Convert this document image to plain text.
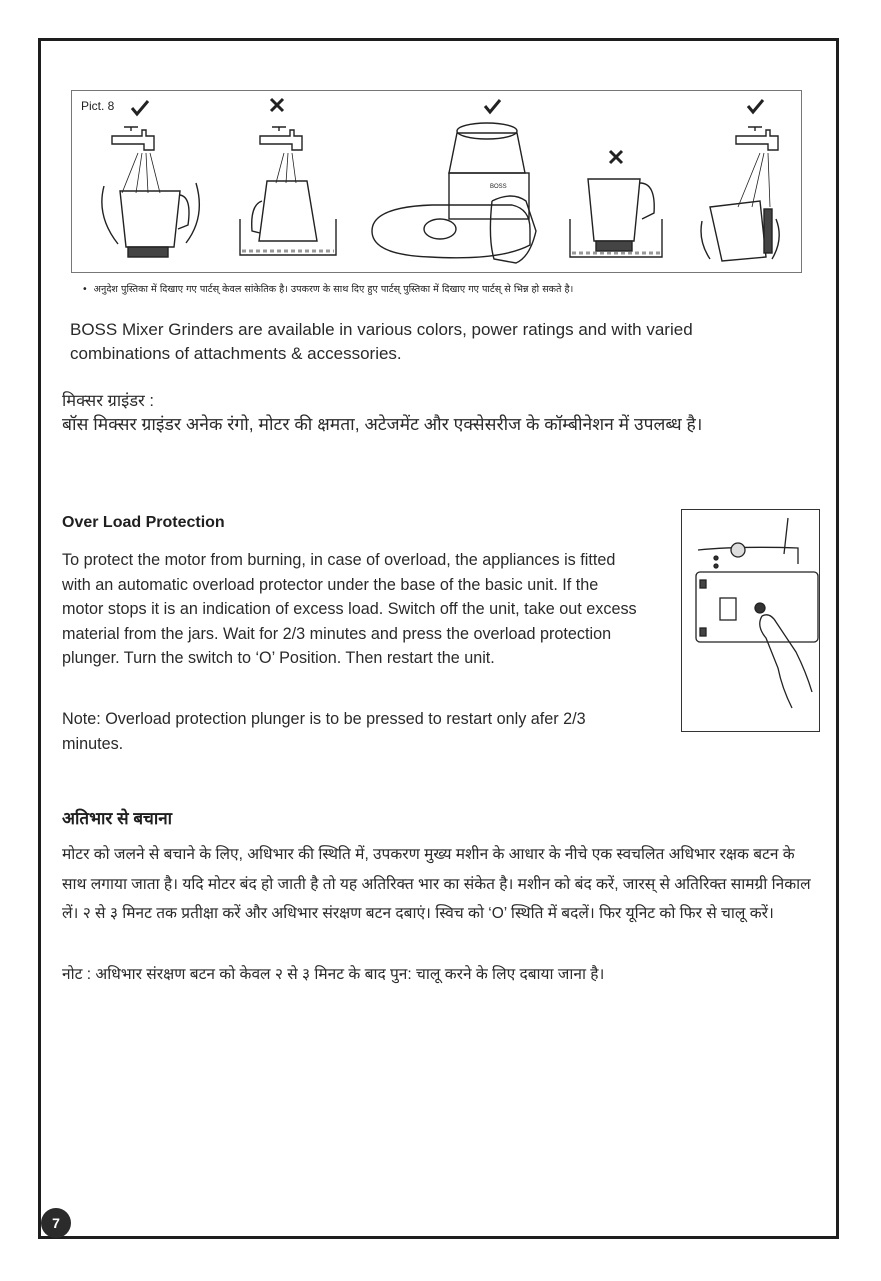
Pict. 8
BOSS
• अनुदेश पुस्तिका में दिखाए गए पार्टस् केवल सांकेतिक है। उपकरण के साथ दिए हुए पार्टस् पुस्तिका में दिखाए गए पार्टस् से भिन्न हो सकते है।
BOSS Mixer Grinders are available in various colors, power ratings and with varied combinations of attachments & accessories.
मिक्सर ग्राइंडर :
बॉस मिक्सर ग्राइंडर अनेक रंगो, मोटर की क्षमता, अटेजमेंट और एक्सेसरीज के कॉम्बीनेशन में उपलब्ध है।
Over Load Protection
To protect the motor from burning, in case of overload, the appliances is fitted with an automatic overload protector under the base of the basic unit. If the motor stops it is an indication of excess load. Switch off the unit, take out excess material from the jars. Wait for 2/3 minutes and press the overload protection plunger. Turn the switch to ‘O’ Position. Then restart the unit.
Note: Overload protection plunger is to be pressed to restart only afer 2/3 minutes.
अतिभार से बचाना
मोटर को जलने से बचाने के लिए, अधिभार की स्थिति में, उपकरण मुख्य मशीन के आधार के नीचे एक स्वचलित अधिभार रक्षक बटन के साथ लगाया जाता है। यदि मोटर बंद हो जाती है तो यह अतिरिक्त भार का संकेत है। मशीन को बंद करें, जारस् से अतिरिक्त सामग्री निकाल लें। २ से ३ मिनट तक प्रतीक्षा करें और अधिभार संरक्षण बटन दबाएं। स्विच को ‘O’ स्थिति में बदलें। फिर यूनिट को फिर से चालू करें।
नोट : अधिभार संरक्षण बटन को केवल २ से ३ मिनट के बाद पुन: चालू करने के लिए दबाया जाना है।
7
